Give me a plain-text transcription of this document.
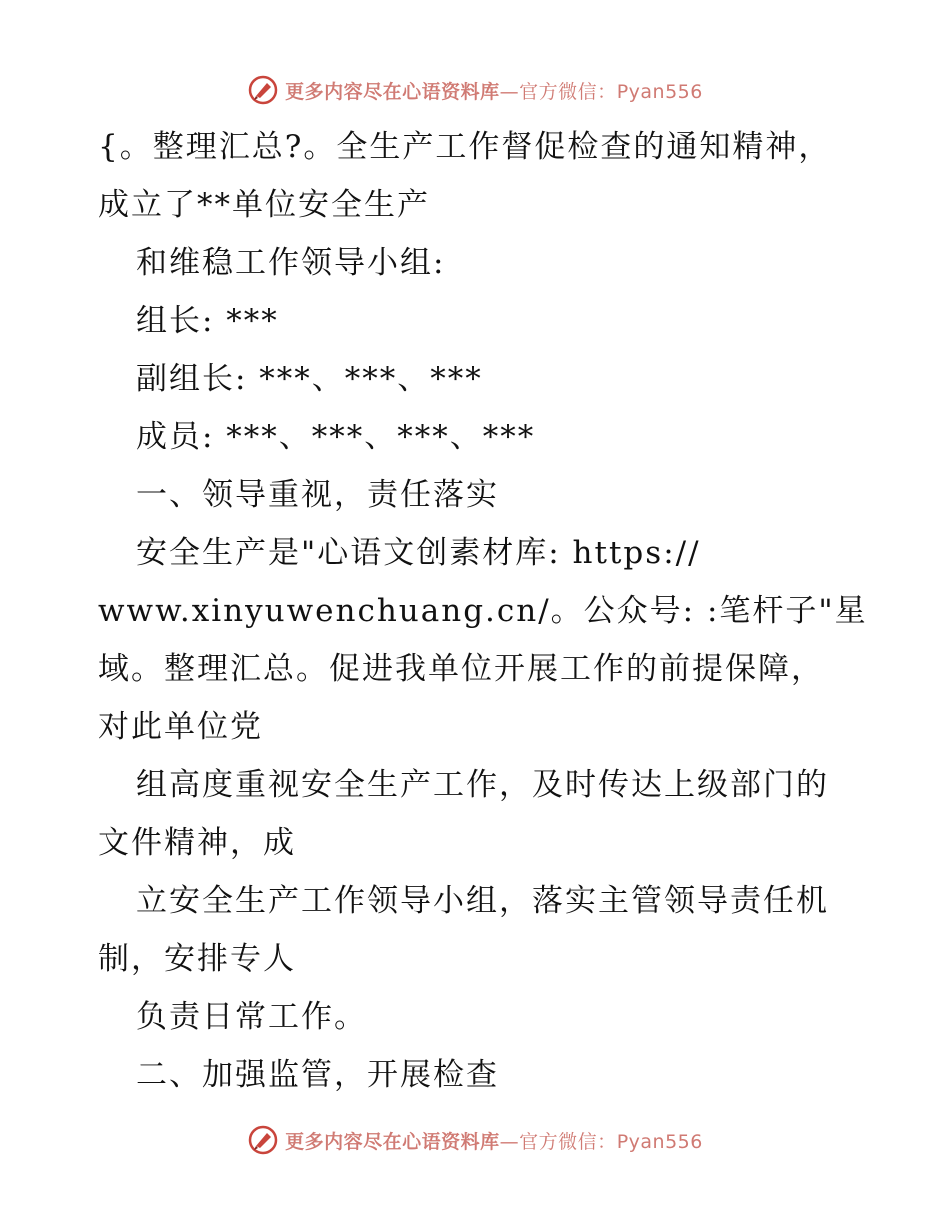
更多内容尽在心语资料库—官方微信：Pyan556
{。整理汇总?。全生产工作督促检查的通知精神，
成立了**单位安全生产
和维稳工作领导小组:
组长: ***
副组长: ***、***、***
成员: ***、***、***、***
一、领导重视，责任落实
安全生产是"心语文创素材库: https://
www.xinyuwenchuang.cn/。公众号: :笔杆子"星
域。整理汇总。促进我单位开展工作的前提保障，
对此单位党
组高度重视安全生产工作，及时传达上级部门的
文件精神，成
立安全生产工作领导小组，落实主管领导责任机
制，安排专人
负责日常工作。
二、加强监管，开展检查
更多内容尽在心语资料库—官方微信：Pyan556
